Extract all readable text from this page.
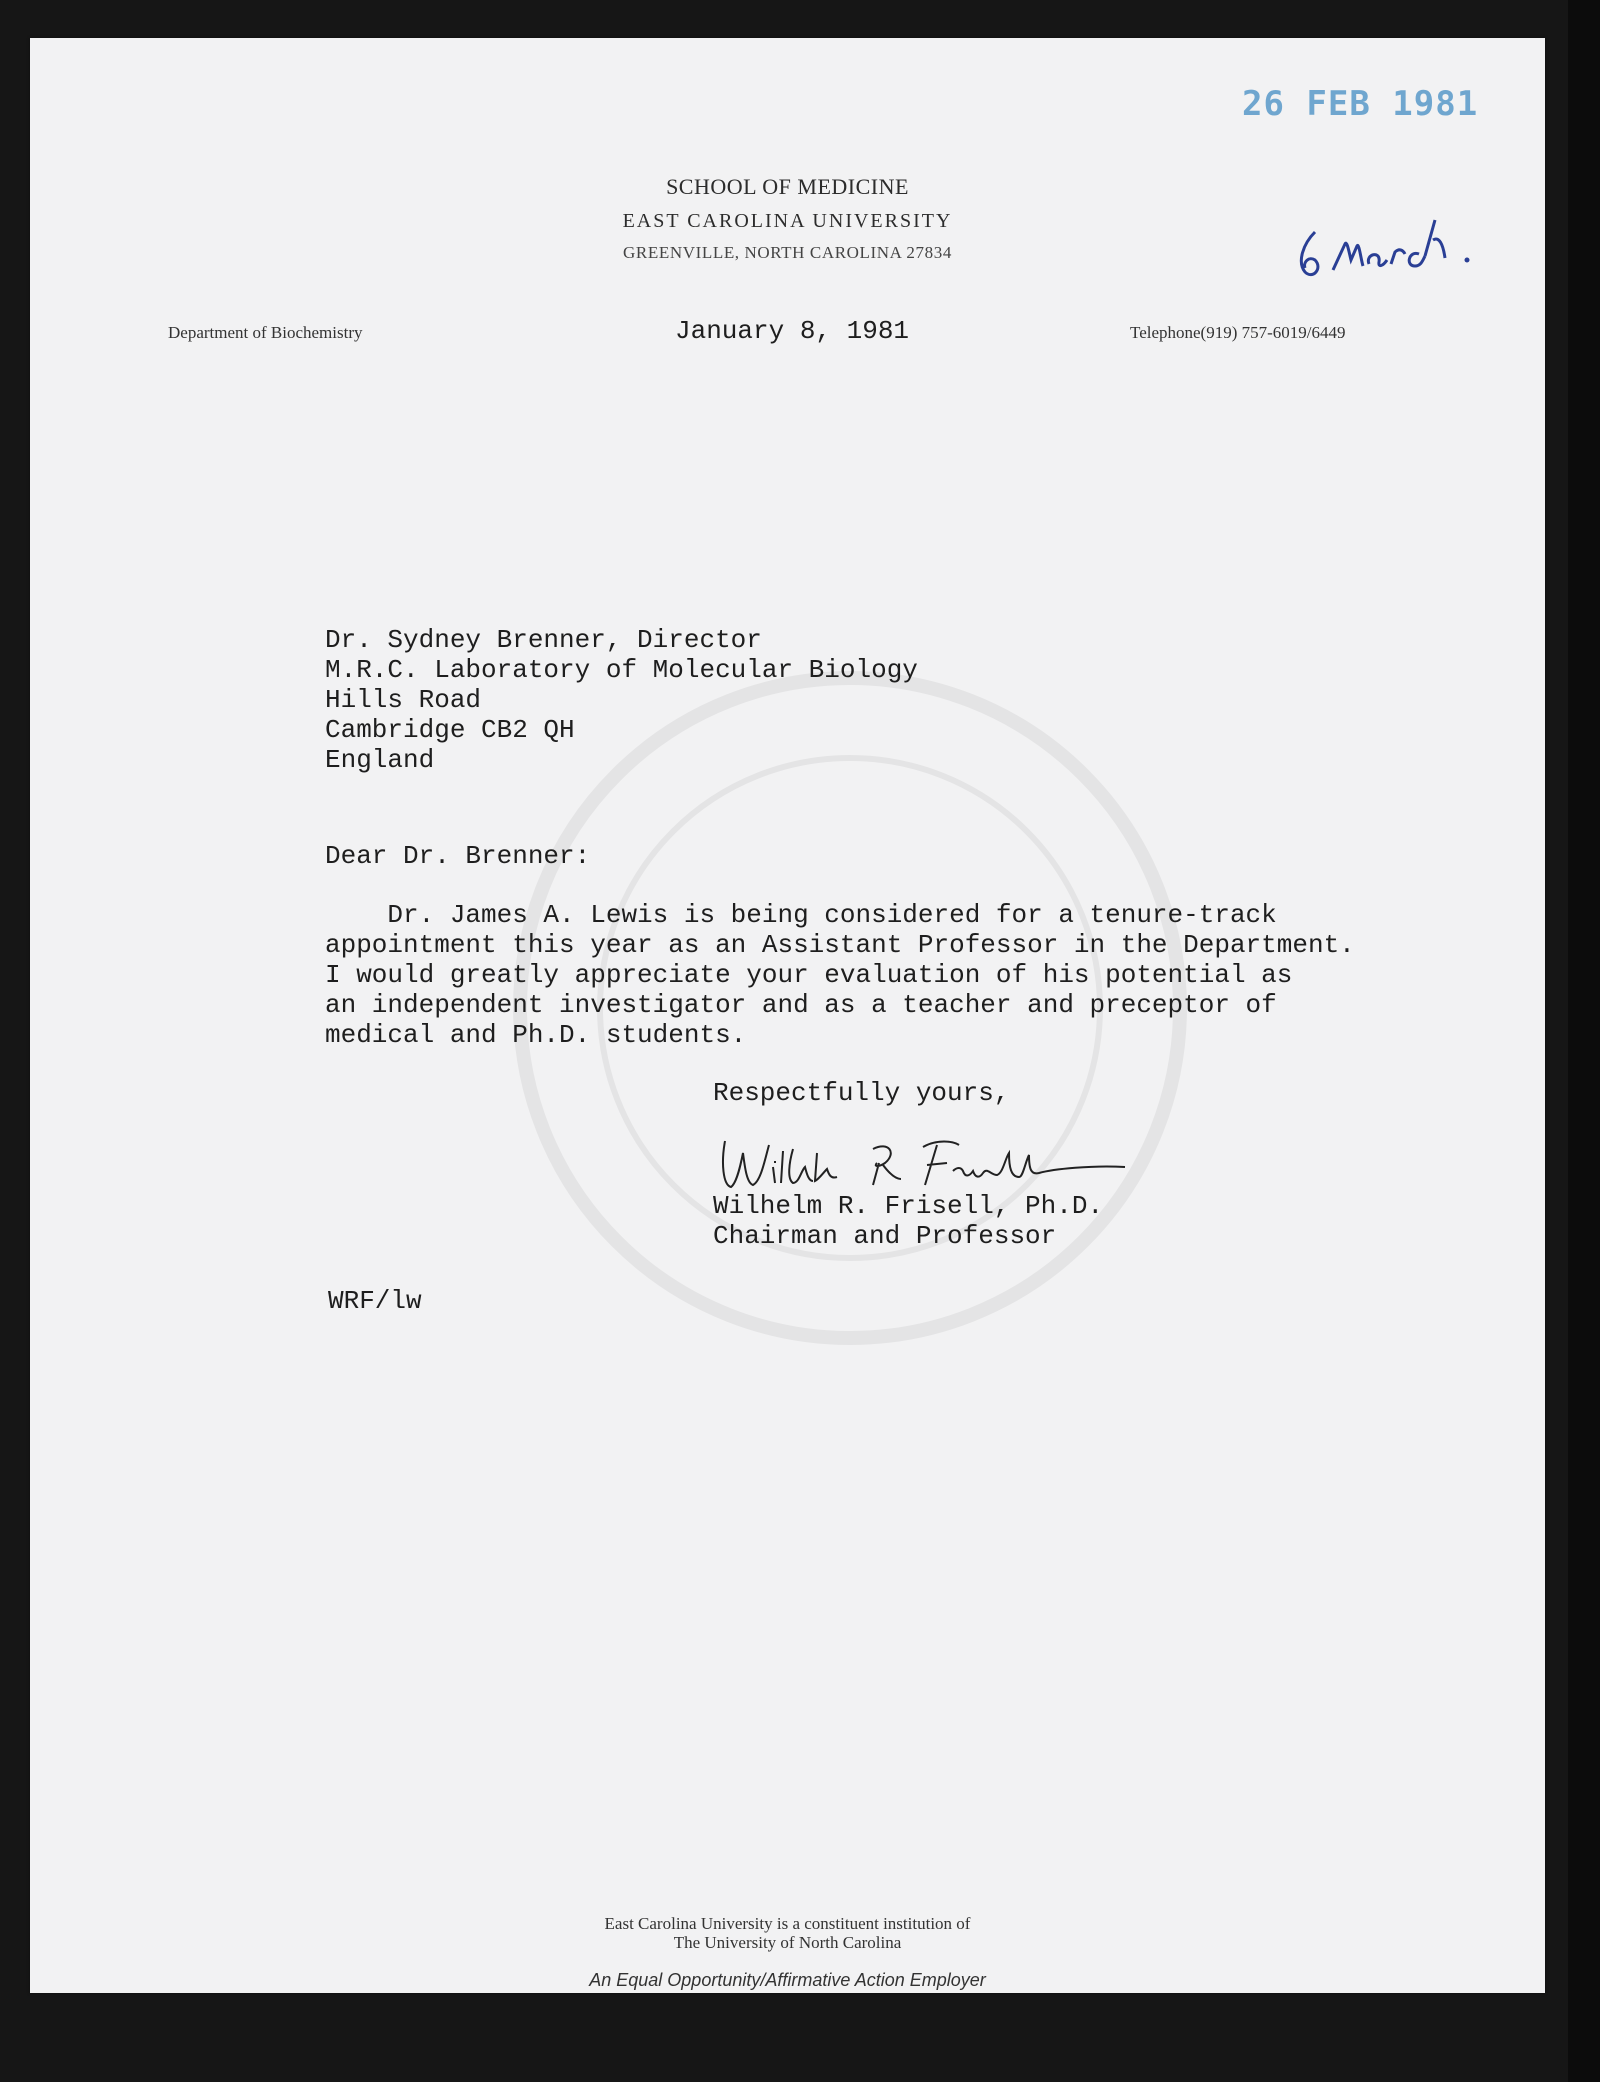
26 FEB 1981
SCHOOL OF MEDICINE
EAST CAROLINA UNIVERSITY
GREENVILLE, NORTH CAROLINA 27834
Department of Biochemistry	Telephone(919) 757-6019/6449
January 8, 1981
Dr. Sydney Brenner, Director
M.R.C. Laboratory of Molecular Biology
Hills Road
Cambridge CB2 QH
England
Dear Dr. Brenner:
Dr. James A. Lewis is being considered for a tenure-track
appointment this year as an Assistant Professor in the Department.
I would greatly appreciate your evaluation of his potential as
an independent investigator and as a teacher and preceptor of
medical and Ph.D. students.
Respectfully yours,
Wilhelm R. Frisell, Ph.D.
Chairman and Professor
WRF/lw
East Carolina University is a constituent institution of
The University of North Carolina
An Equal Opportunity/Affirmative Action Employer
